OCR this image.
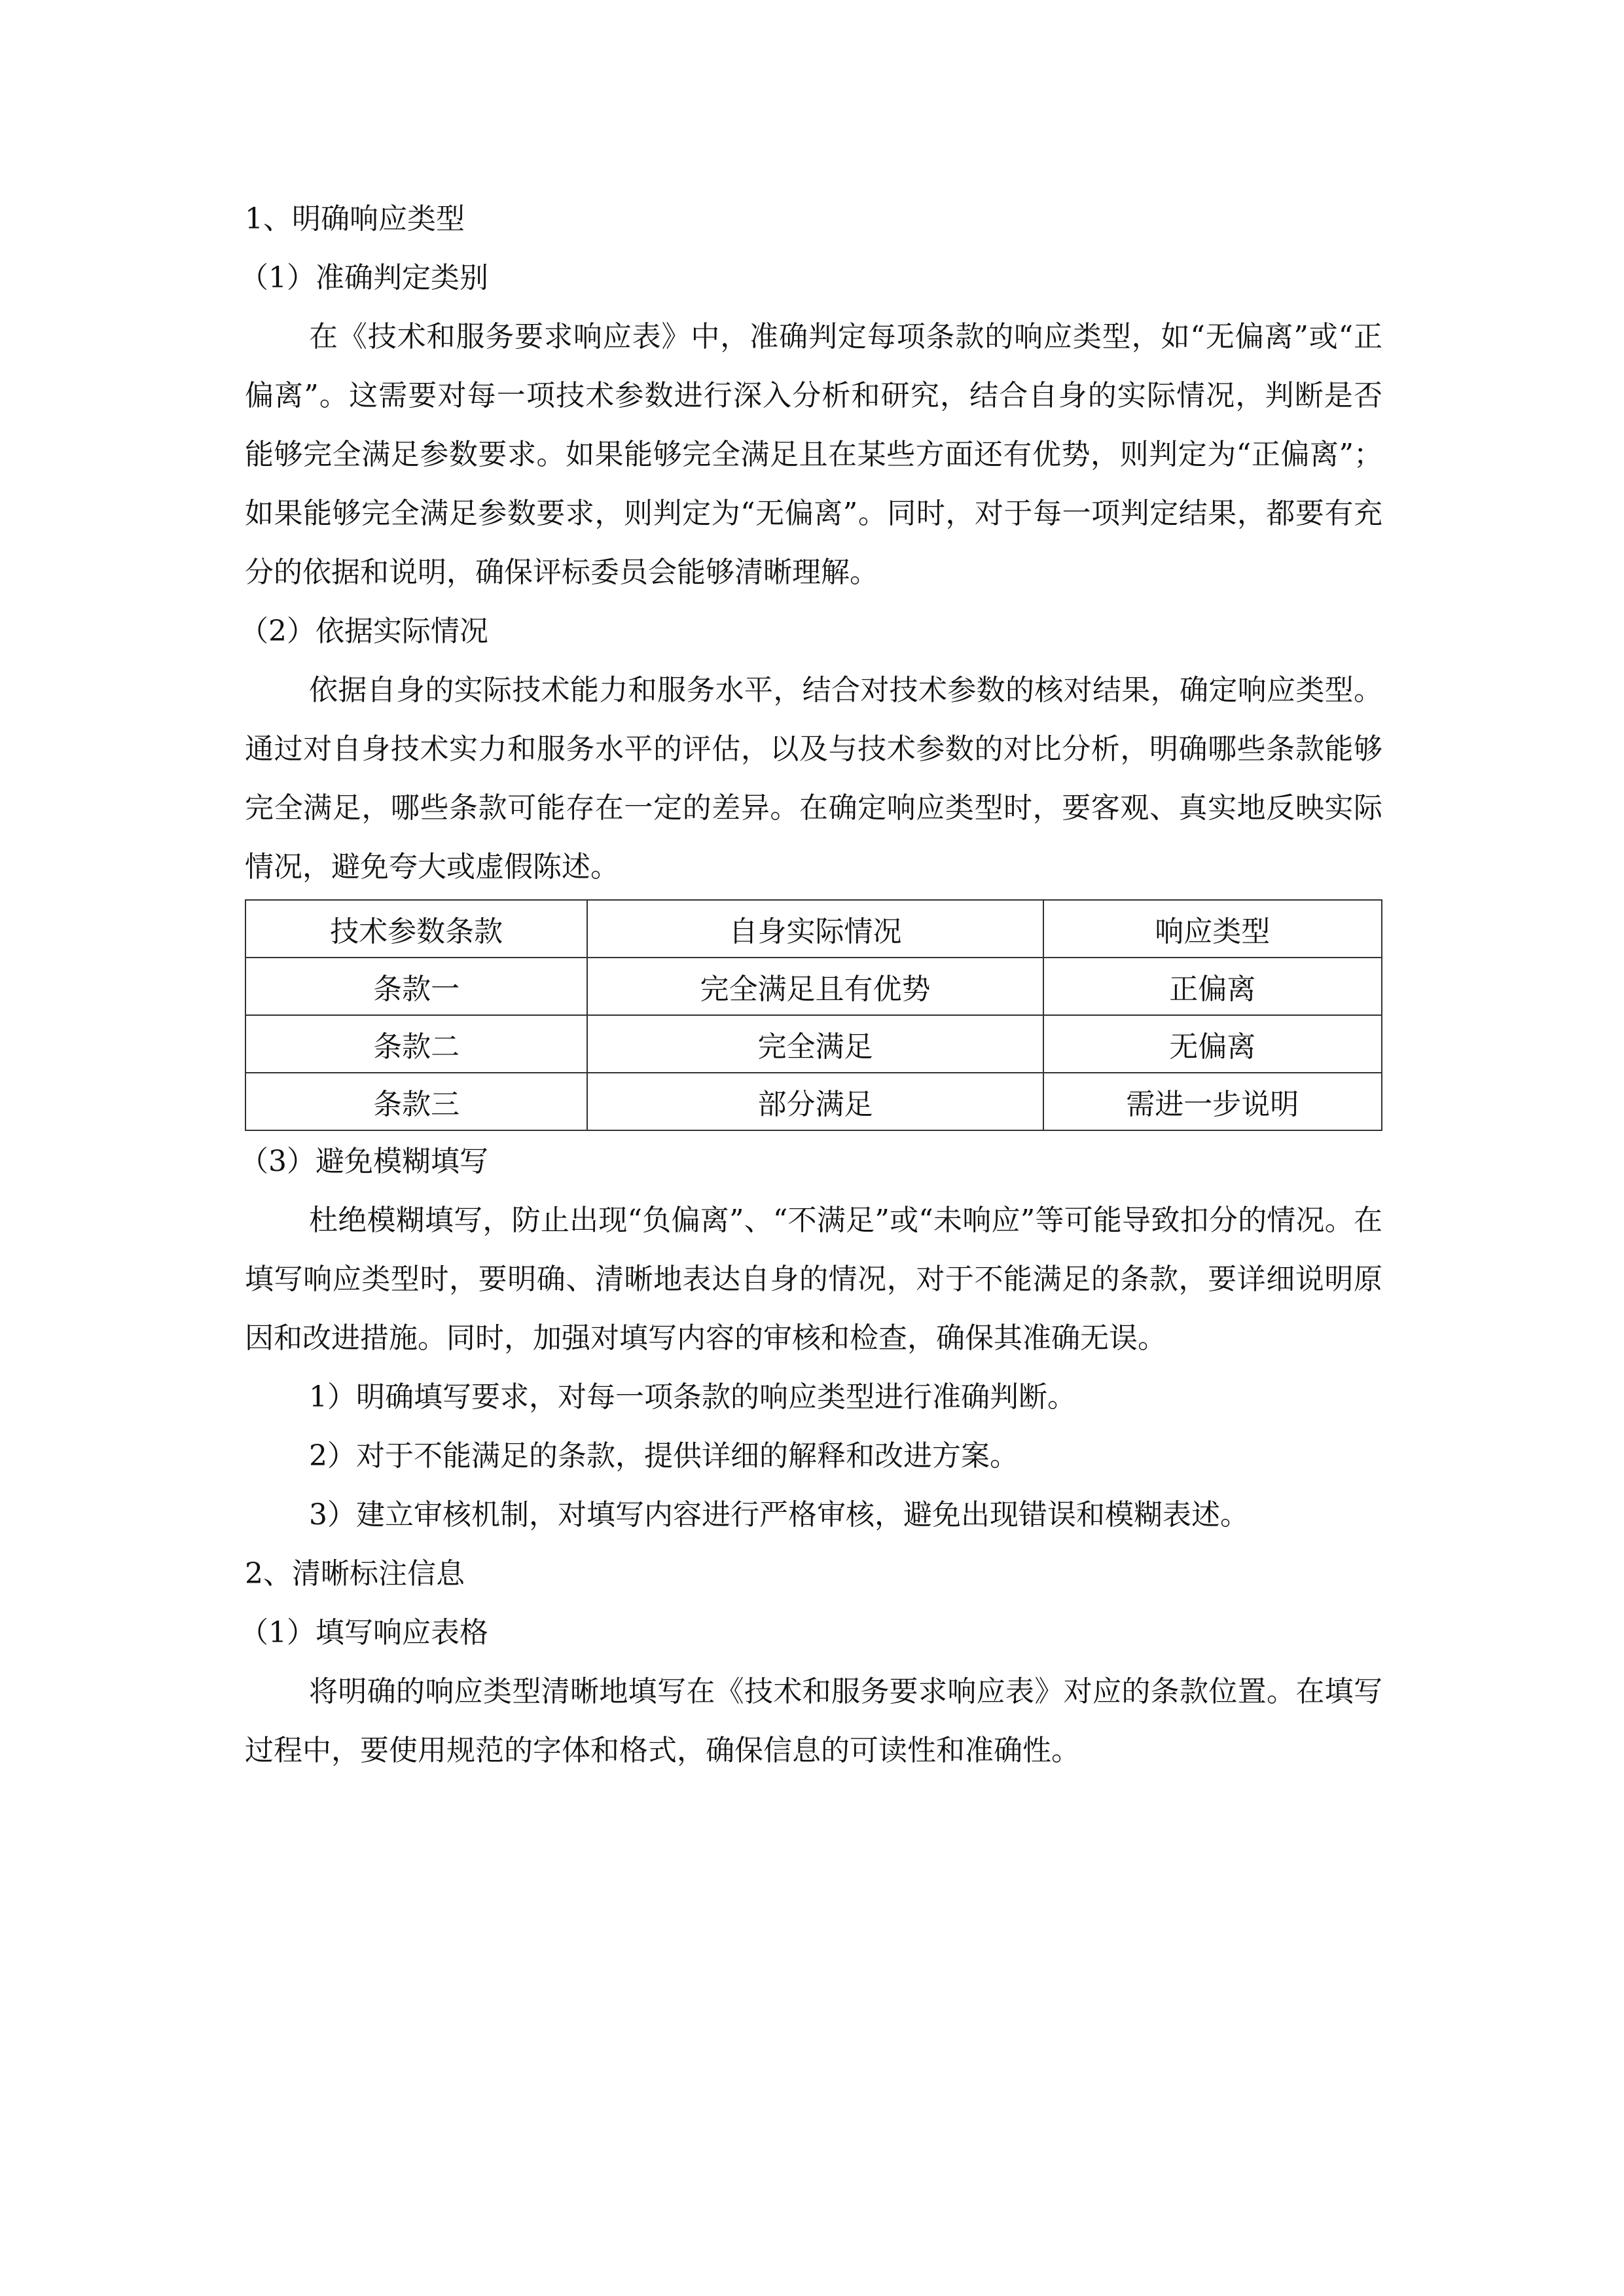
1、明确响应类型

（1）准确判定类别

在《技术和服务要求响应表》中，准确判定每项条款的响应类型，如“无偏离”或“正偏离”。这需要对每一项技术参数进行深入分析和研究，结合自身的实际情况，判断是否能够完全满足参数要求。如果能够完全满足且在某些方面还有优势，则判定为“正偏离”；如果能够完全满足参数要求，则判定为“无偏离”。同时，对于每一项判定结果，都要有充分的依据和说明，确保评标委员会能够清晰理解。

（2）依据实际情况

依据自身的实际技术能力和服务水平，结合对技术参数的核对结果，确定响应类型。通过对自身技术实力和服务水平的评估，以及与技术参数的对比分析，明确哪些条款能够完全满足，哪些条款可能存在一定的差异。在确定响应类型时，要客观、真实地反映实际情况，避免夸大或虚假陈述。

技术参数条款	自身实际情况	响应类型
条款一	完全满足且有优势	正偏离
条款二	完全满足	无偏离
条款三	部分满足	需进一步说明

（3）避免模糊填写

杜绝模糊填写，防止出现“负偏离”、“不满足”或“未响应”等可能导致扣分的情况。在填写响应类型时，要明确、清晰地表达自身的情况，对于不能满足的条款，要详细说明原因和改进措施。同时，加强对填写内容的审核和检查，确保其准确无误。

1）明确填写要求，对每一项条款的响应类型进行准确判断。

2）对于不能满足的条款，提供详细的解释和改进方案。

3）建立审核机制，对填写内容进行严格审核，避免出现错误和模糊表述。

2、清晰标注信息

（1）填写响应表格

将明确的响应类型清晰地填写在《技术和服务要求响应表》对应的条款位置。在填写过程中，要使用规范的字体和格式，确保信息的可读性和准确性。
